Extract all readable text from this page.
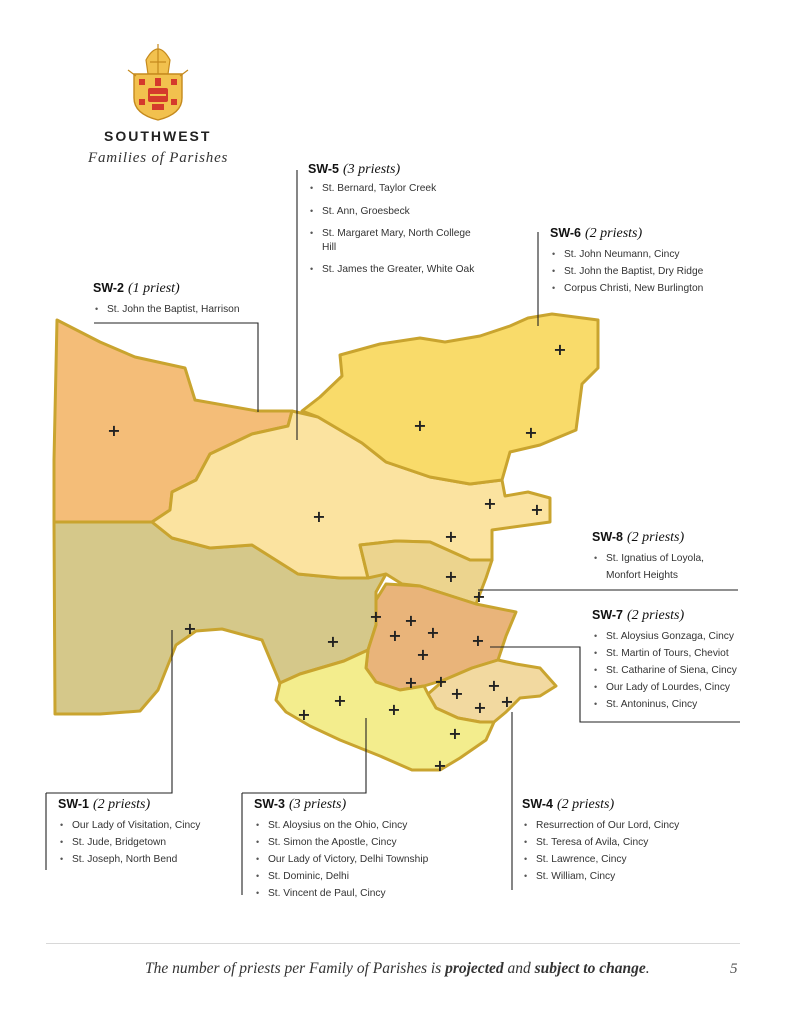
+
+
+	+
+
+ +
+
+
+
+
+ +
+ +
+	+
+
+ + +
+
+	+
+
+	+
+
+
SOUTHWEST
Families of Parishes
SW-5 (3 priests)
• St. Bernard, Taylor Creek
• St. Ann, Groesbeck
• St. Margaret Mary, North College Hill
• St. James the Greater, White Oak
SW-6 (2 priests)
• St. John Neumann, Cincy
• St. John the Baptist, Dry Ridge
• Corpus Christi, New Burlington
SW-2 (1 priest)
• St. John the Baptist, Harrison
SW-8 (2 priests)
• St. Ignatius of Loyola, Monfort Heights
SW-7 (2 priests)
• St. Aloysius Gonzaga, Cincy
• St. Martin of Tours, Cheviot
• St. Catharine of Siena, Cincy
• Our Lady of Lourdes, Cincy
• St. Antoninus, Cincy
SW-1 (2 priests)
• Our Lady of Visitation, Cincy
• St. Jude, Bridgetown
• St. Joseph, North Bend
SW-3 (3 priests)
• St. Aloysius on the Ohio, Cincy
• St. Simon the Apostle, Cincy
• Our Lady of Victory, Delhi Township
• St. Dominic, Delhi
• St. Vincent de Paul, Cincy
SW-4 (2 priests)
• Resurrection of Our Lord, Cincy
• St. Teresa of Avila, Cincy
• St. Lawrence, Cincy
• St. William, Cincy
The number of priests per Family of Parishes is projected and subject to change.	5
